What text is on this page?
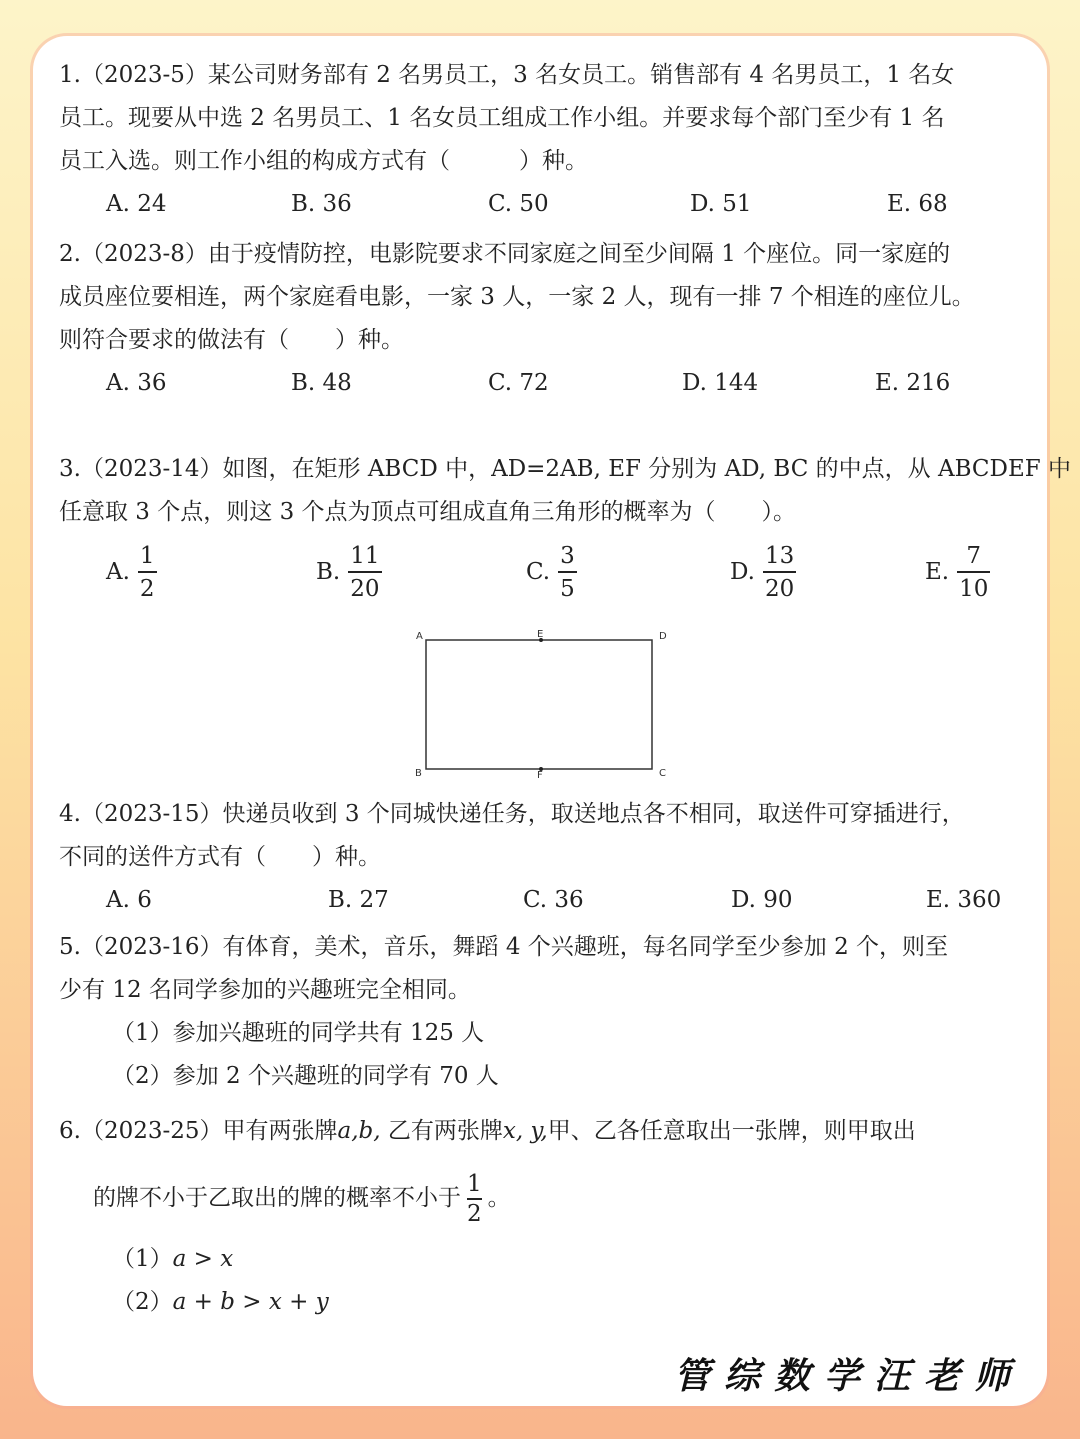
1.（2023-5）某公司财务部有 2 名男员工，3 名女员工。销售部有 4 名男员工，1 名女
员工。现要从中选 2 名男员工、1 名女员工组成工作小组。并要求每个部门至少有 1 名
员工入选。则工作小组的构成方式有（　　　）种。
A. 24	B. 36	C. 50	D. 51	E. 68
2.（2023-8）由于疫情防控，电影院要求不同家庭之间至少间隔 1 个座位。同一家庭的
成员座位要相连，两个家庭看电影，一家 3 人，一家 2 人，现有一排 7 个相连的座位儿。
则符合要求的做法有（　　）种。
A. 36	B. 48	C. 72	D. 144	E. 216
3.（2023-14）如图，在矩形 ABCD 中，AD=2AB, EF 分别为 AD, BC 的中点，从 ABCDEF 中
任意取 3 个点，则这 3 个点为顶点可组成直角三角形的概率为（　　）。
A. $\frac{1}{2}$	B. $\frac{11}{20}$	C. $\frac{3}{5}$	D. $\frac{13}{20}$	E. $\frac{7}{10}$
A	E	D
B	F	C
4.（2023-15）快递员收到 3 个同城快递任务，取送地点各不相同，取送件可穿插进行，
不同的送件方式有（　　）种。
A. 6	B. 27	C. 36	D. 90	E. 360
5.（2023-16）有体育，美术，音乐，舞蹈 4 个兴趣班，每名同学至少参加 2 个，则至
少有 12 名同学参加的兴趣班完全相同。
（1）参加兴趣班的同学共有 125 人
（2）参加 2 个兴趣班的同学有 70 人
6.（2023-25）甲有两张牌a,b, 乙有两张牌x, y,甲、乙各任意取出一张牌，则甲取出
的牌不小于乙取出的牌的概率不小于 $\frac{1}{2}$ 。
（1）a > x
（2）a + b > x + y
管综数学汪老师
